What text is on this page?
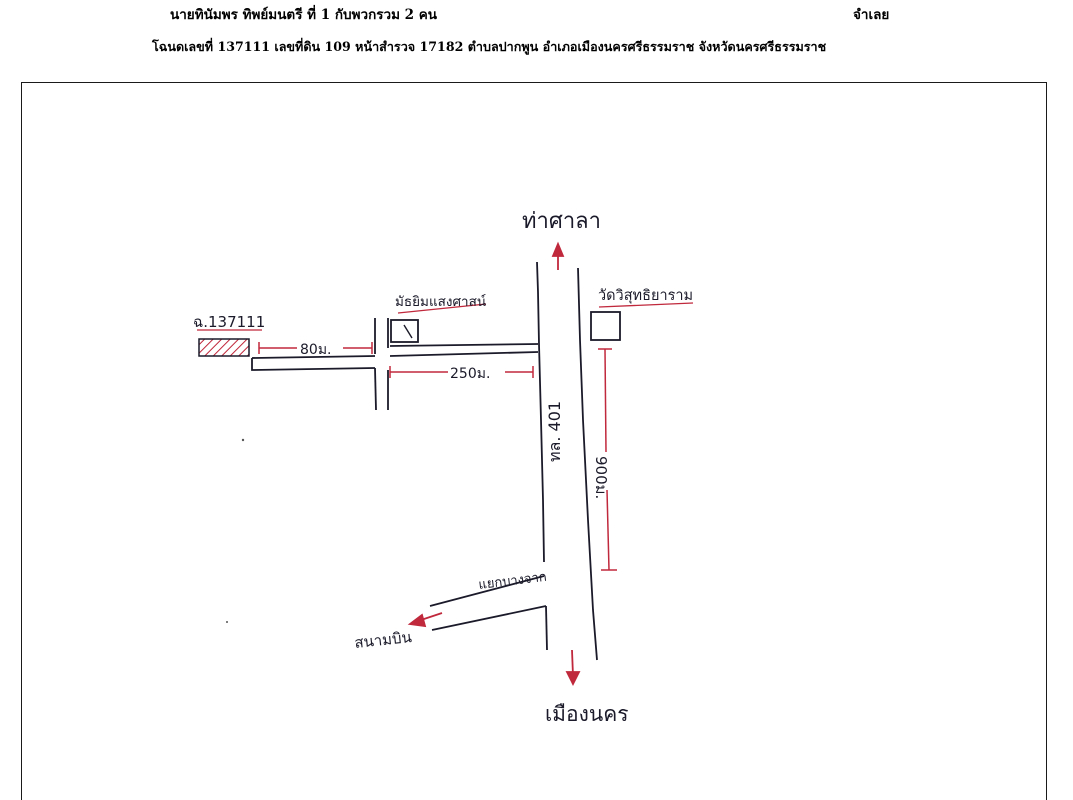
นายทินัมพร ทิพย์มนตรี ที่ 1 กับพวกรวม 2 คน	จำเลย
โฉนดเลขที่ 137111 เลขที่ดิน 109 หน้าสำรวจ 17182 ตำบลปากพูน อำเภอเมืองนครศรีธรรมราช จังหวัดนครศรีธรรมราช
ท่าศาลา
เมืองนคร
ฉ.137111
มัธยิมแสงศาสน์	วัดวิสุทธิยาราม
ทล. 401
แยกบางจาก
สนามบิน
80ม.
250ม.
900ม.
